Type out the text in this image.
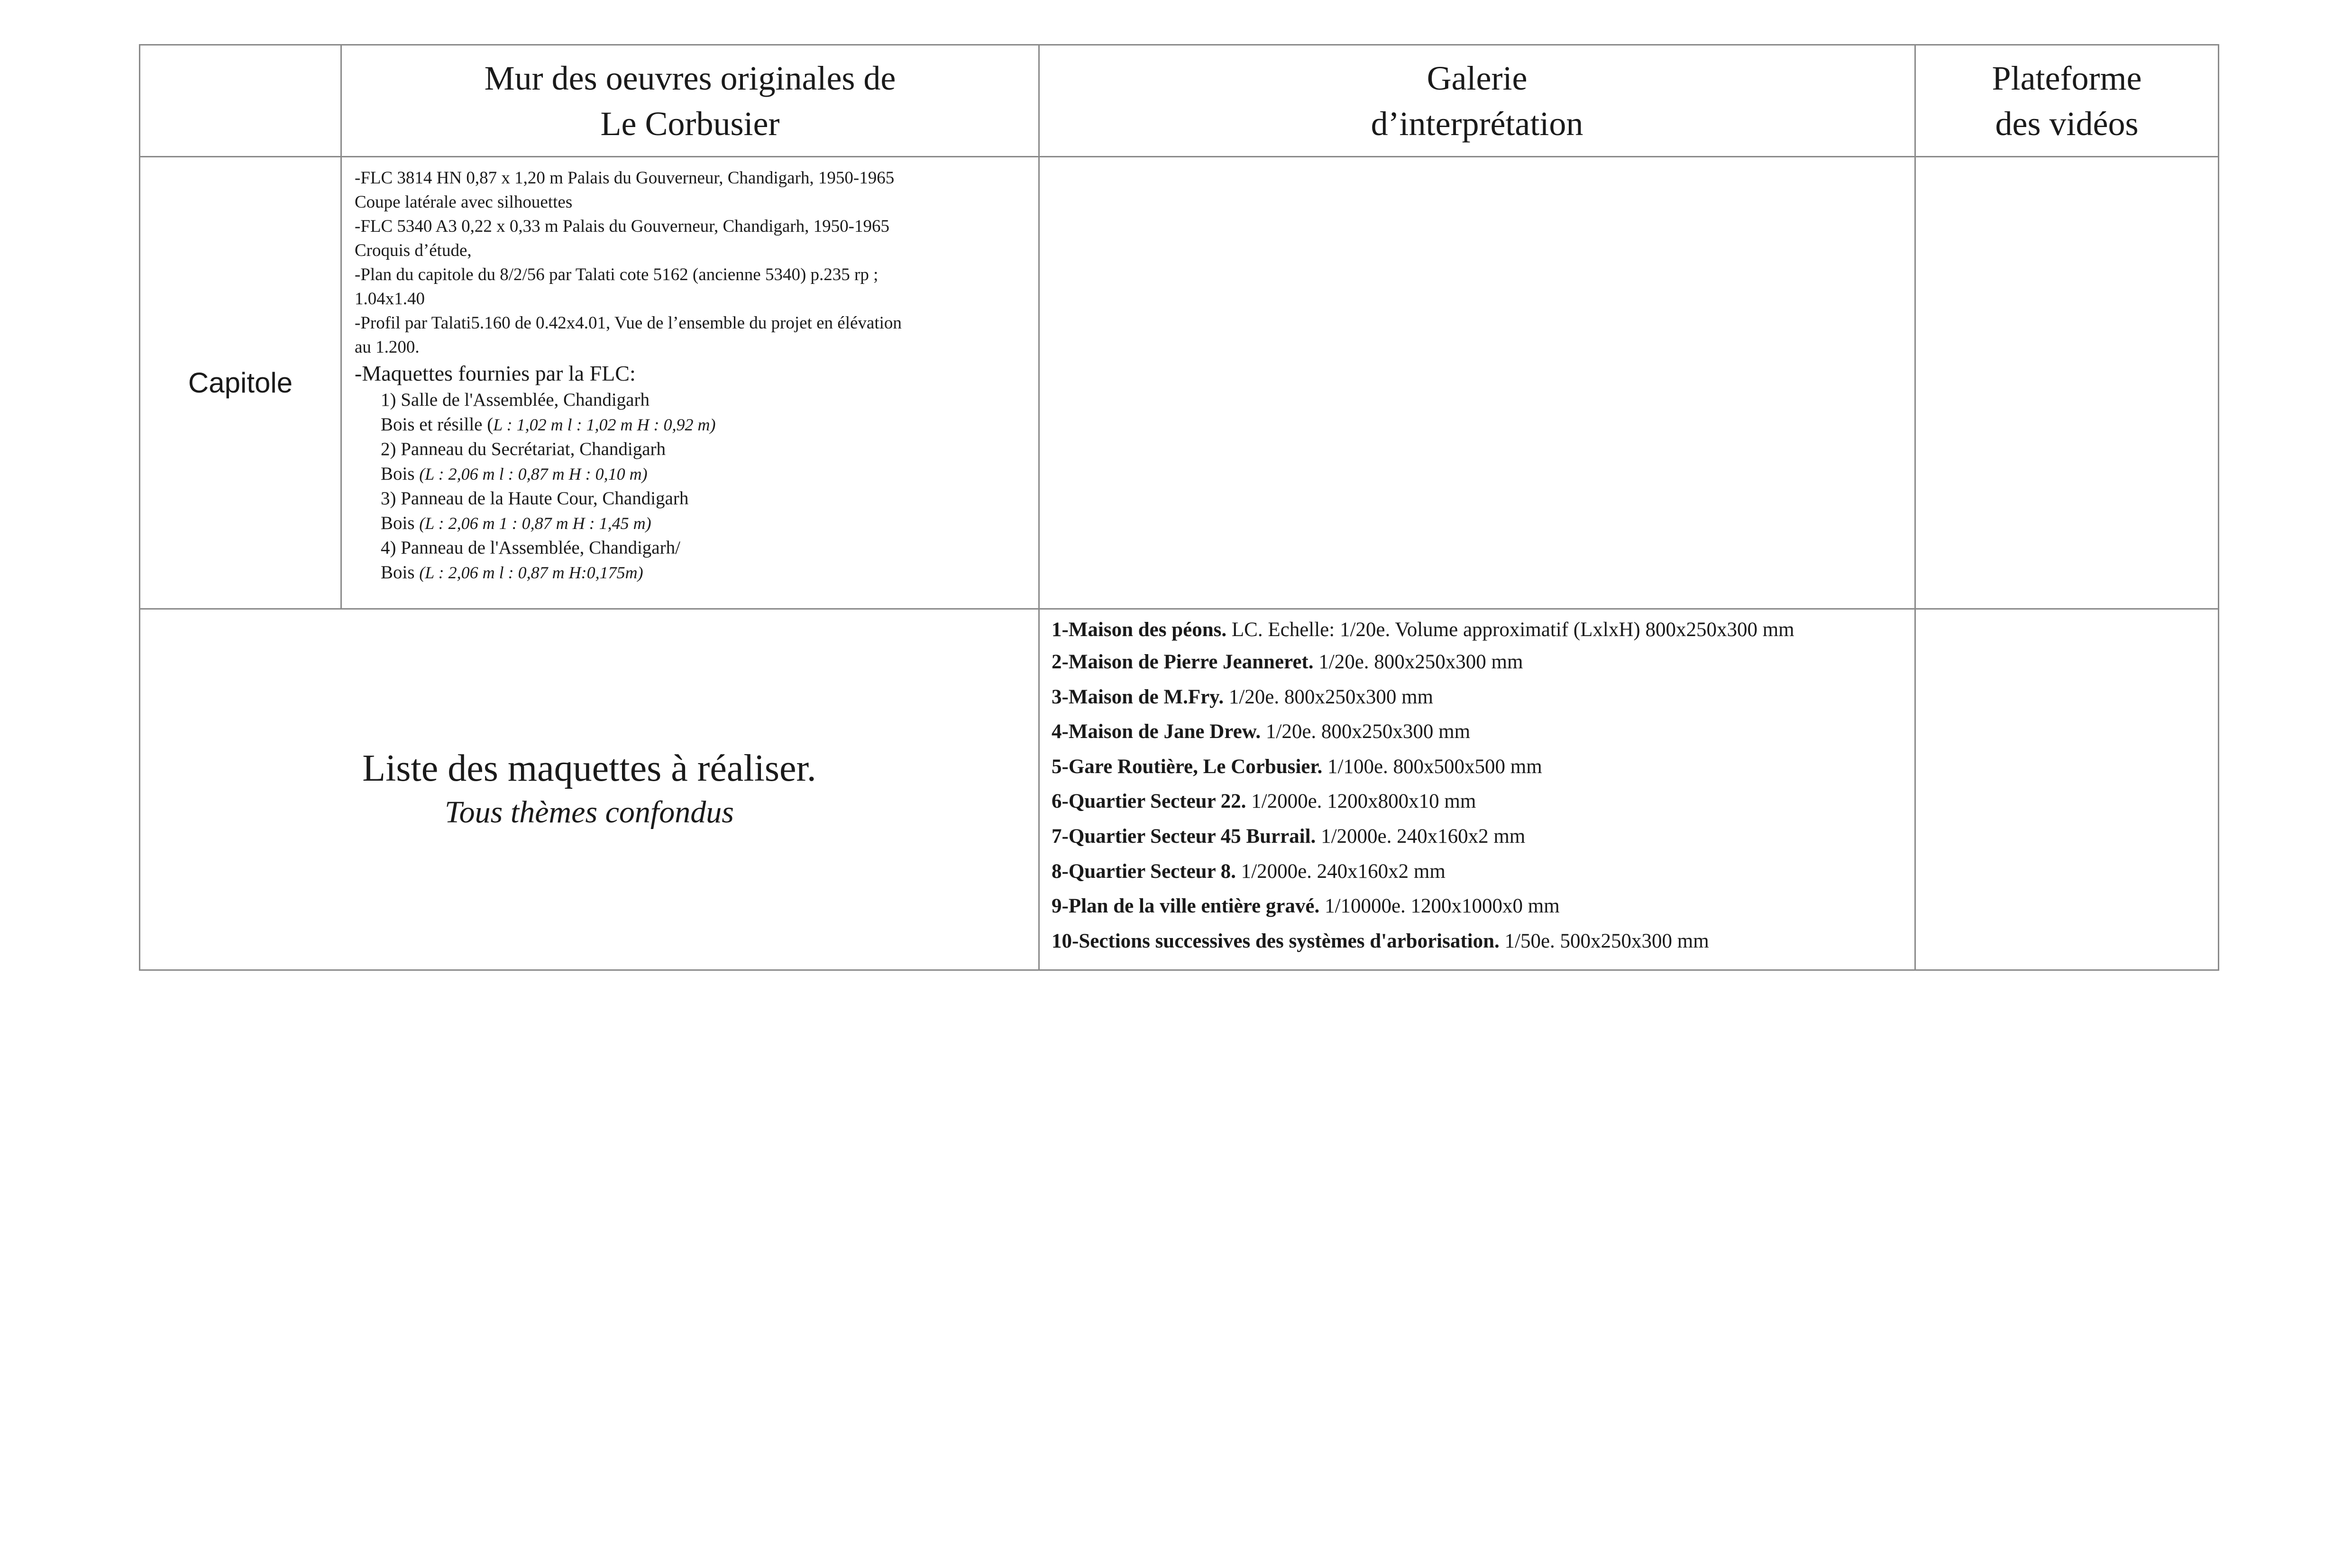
Mur des oeuvres originales de
Le Corbusier
Galerie
d’interprétation
Plateforme
des vidéos
Capitole
-FLC 3814 HN 0,87 x 1,20 m Palais du Gouverneur, Chandigarh, 1950-1965
Coupe latérale avec silhouettes
-FLC 5340 A3 0,22 x 0,33 m Palais du Gouverneur, Chandigarh, 1950-1965
Croquis d’étude,
-Plan du capitole du 8/2/56 par Talati cote 5162 (ancienne 5340) p.235 rp ;
1.04x1.40
-Profil par Talati5.160 de 0.42x4.01, Vue de l’ensemble du projet en élévation
au 1.200.
-Maquettes fournies par la FLC:
1) Salle de l'Assemblée, Chandigarh
Bois et résille (L : 1,02 m l : 1,02 m H : 0,92 m)
2) Panneau du Secrétariat, Chandigarh
Bois (L : 2,06 m l : 0,87 m H : 0,10 m)
3) Panneau de la Haute Cour, Chandigarh
Bois (L : 2,06 m 1 : 0,87 m H : 1,45 m)
4) Panneau de l'Assemblée, Chandigarh/
Bois (L : 2,06 m l : 0,87 m H:0,175m)
Liste des maquettes à réaliser.
Tous thèmes confondus
1-Maison des péons. LC. Echelle: 1/20e. Volume approximatif (LxlxH) 800x250x300 mm
2-Maison de Pierre Jeanneret. 1/20e. 800x250x300 mm
3-Maison de M.Fry. 1/20e. 800x250x300 mm
4-Maison de Jane Drew. 1/20e. 800x250x300 mm
5-Gare Routière, Le Corbusier. 1/100e. 800x500x500 mm
6-Quartier Secteur 22. 1/2000e. 1200x800x10 mm
7-Quartier Secteur 45 Burrail. 1/2000e. 240x160x2 mm
8-Quartier Secteur 8. 1/2000e. 240x160x2 mm
9-Plan de la ville entière gravé. 1/10000e. 1200x1000x0 mm
10-Sections successives des systèmes d'arborisation. 1/50e. 500x250x300 mm
